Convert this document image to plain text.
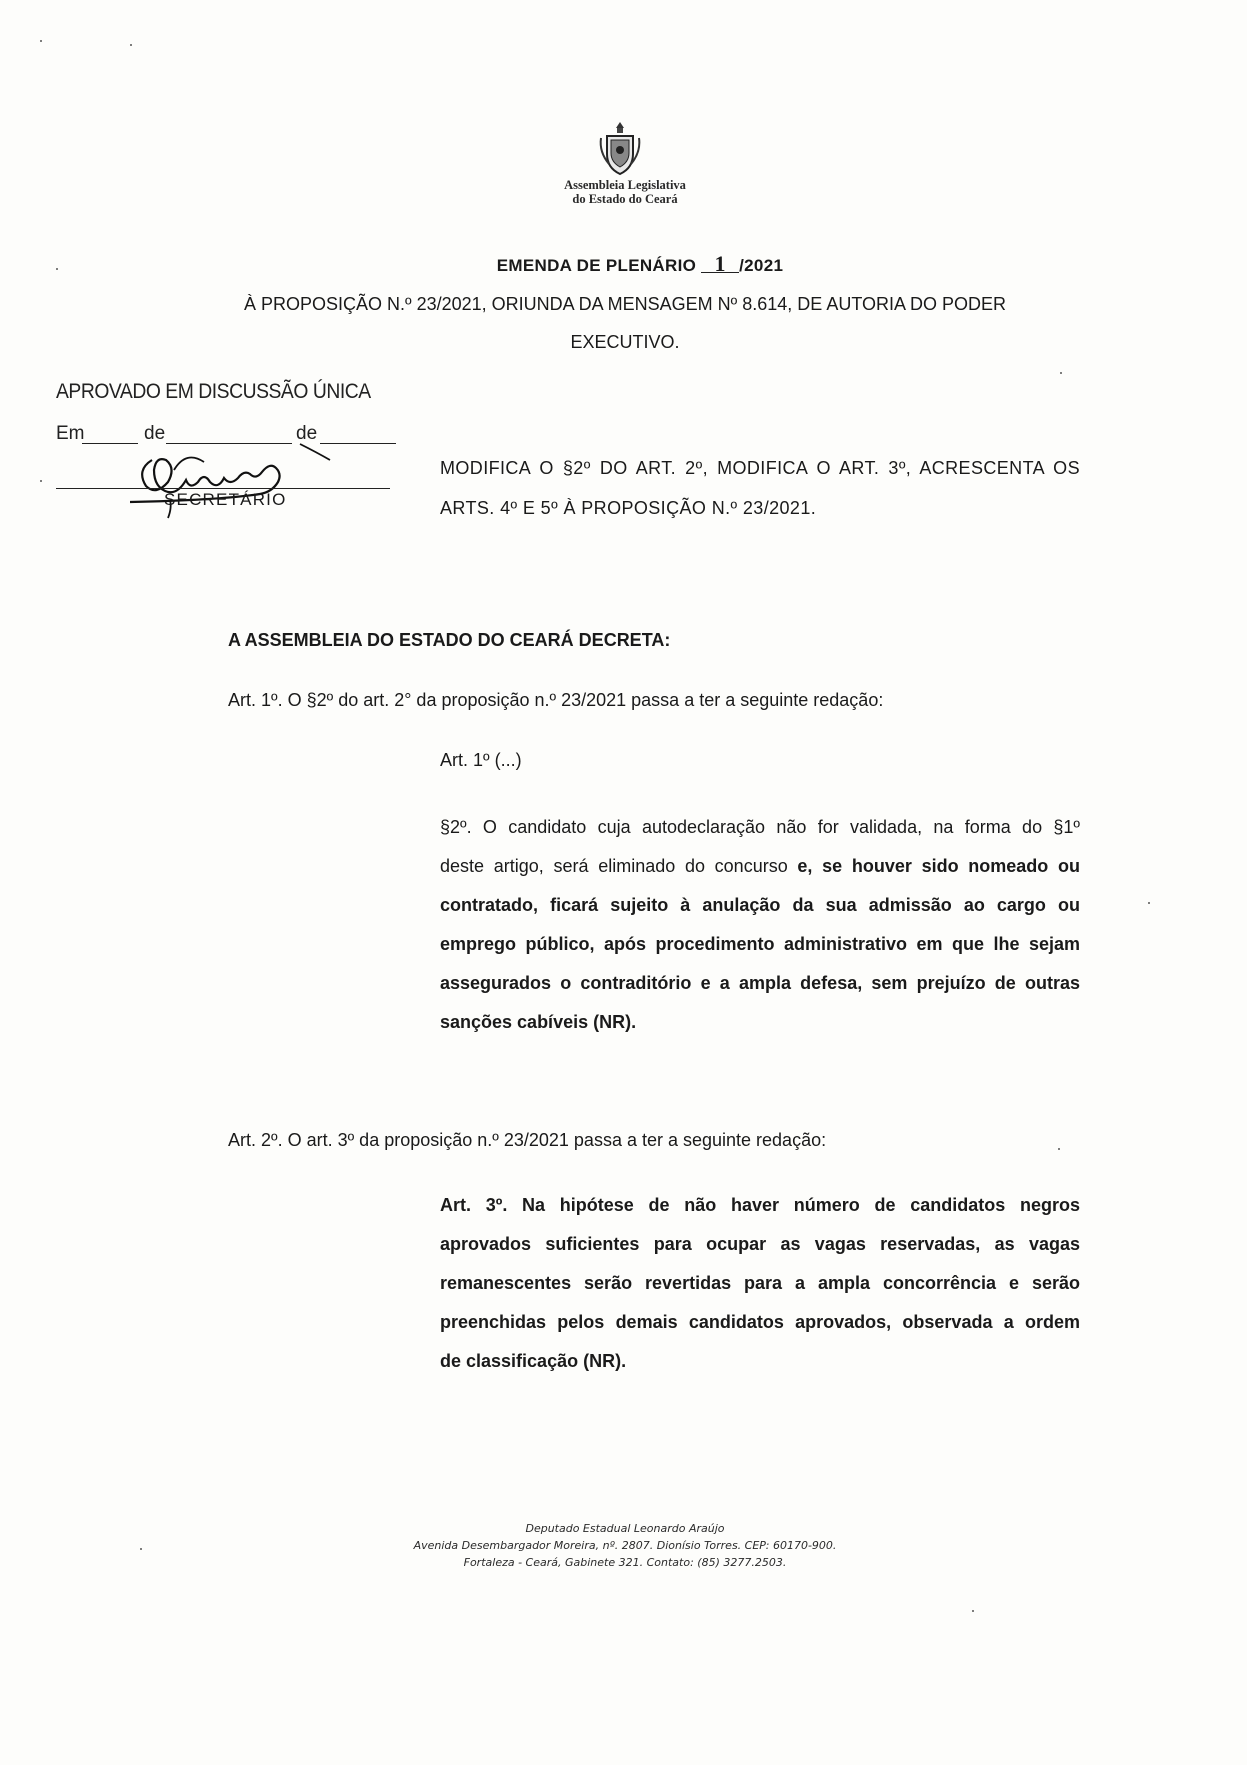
Assembleia Legislativa
do Estado do Ceará
EMENDA DE PLENÁRIO 1 /2021
À PROPOSIÇÃO N.º 23/2021, ORIUNDA DA MENSAGEM Nº 8.614, DE AUTORIA DO PODER
EXECUTIVO.
APROVADO EM DISCUSSÃO ÚNICA
Em	de	de
SECRETÁRIO
MODIFICA O §2º DO ART. 2º, MODIFICA O ART. 3º, ACRESCENTA OS
ARTS. 4º E 5º À PROPOSIÇÃO N.º 23/2021.
A ASSEMBLEIA DO ESTADO DO CEARÁ DECRETA:
Art. 1º. O §2º do art. 2° da proposição n.º 23/2021 passa a ter a seguinte redação:
Art. 1º (...)
§2º. O candidato cuja autodeclaração não for validada, na forma do §1º
deste artigo, será eliminado do concurso e, se houver sido nomeado ou
contratado, ficará sujeito à anulação da sua admissão ao cargo ou
emprego público, após procedimento administrativo em que lhe sejam
assegurados o contraditório e a ampla defesa, sem prejuízo de outras
sanções cabíveis (NR).
Art. 2º. O art. 3º da proposição n.º 23/2021 passa a ter a seguinte redação:
Art. 3º. Na hipótese de não haver número de candidatos negros
aprovados suficientes para ocupar as vagas reservadas, as vagas
remanescentes serão revertidas para a ampla concorrência e serão
preenchidas pelos demais candidatos aprovados, observada a ordem
de classificação (NR).
Deputado Estadual Leonardo Araújo
Avenida Desembargador Moreira, nº. 2807. Dionísio Torres. CEP: 60170-900.
Fortaleza - Ceará, Gabinete 321. Contato: (85) 3277.2503.
